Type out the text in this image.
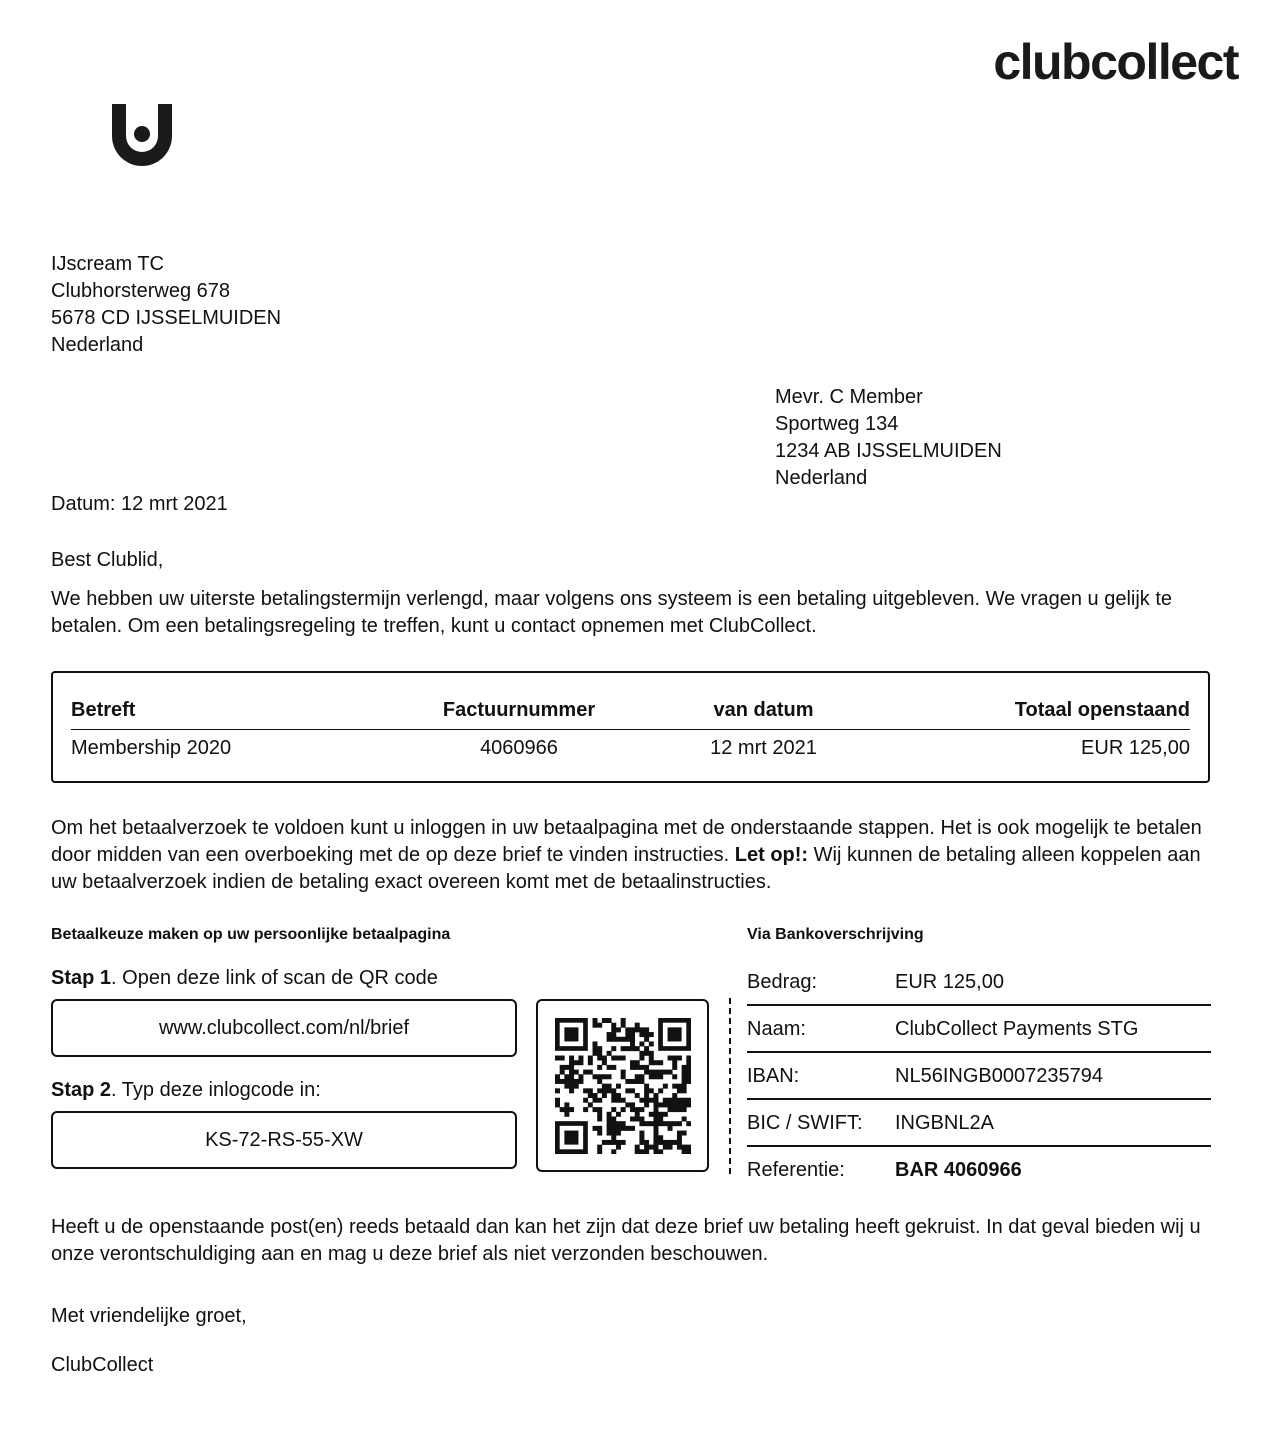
clubcollect
IJscream TC
Clubhorsterweg 678
5678 CD IJSSELMUIDEN
Nederland
Mevr. C Member
Sportweg 134
1234 AB IJSSELMUIDEN
Nederland
Datum: 12 mrt 2021
Best Clublid,
We hebben uw uiterste betalingstermijn verlengd, maar volgens ons systeem is een betaling uitgebleven. We vragen u gelijk te betalen. Om een betalingsregeling te treffen, kunt u contact opnemen met ClubCollect.
Betreft	Factuurnummer	van datum	Totaal openstaand
Membership 2020	4060966	12 mrt 2021	EUR 125,00
Om het betaalverzoek te voldoen kunt u inloggen in uw betaalpagina met de onderstaande stappen. Het is ook mogelijk te betalen door midden van een overboeking met de op deze brief te vinden instructies. Let op!: Wij kunnen de betaling alleen koppelen aan uw betaalverzoek indien de betaling exact overeen komt met de betaalinstructies.
Betaalkeuze maken op uw persoonlijke betaalpagina	Via Bankoverschrijving
Stap 1. Open deze link of scan de QR code
www.clubcollect.com/nl/brief
Stap 2. Typ deze inlogcode in:
KS-72-RS-55-XW
Bedrag:	EUR 125,00
Naam:	ClubCollect Payments STG
IBAN:	NL56INGB0007235794
BIC / SWIFT: INGBNL2A
Referentie:	BAR 4060966
Heeft u de openstaande post(en) reeds betaald dan kan het zijn dat deze brief uw betaling heeft gekruist. In dat geval bieden wij u onze verontschuldiging aan en mag u deze brief als niet verzonden beschouwen.
Met vriendelijke groet,
ClubCollect
